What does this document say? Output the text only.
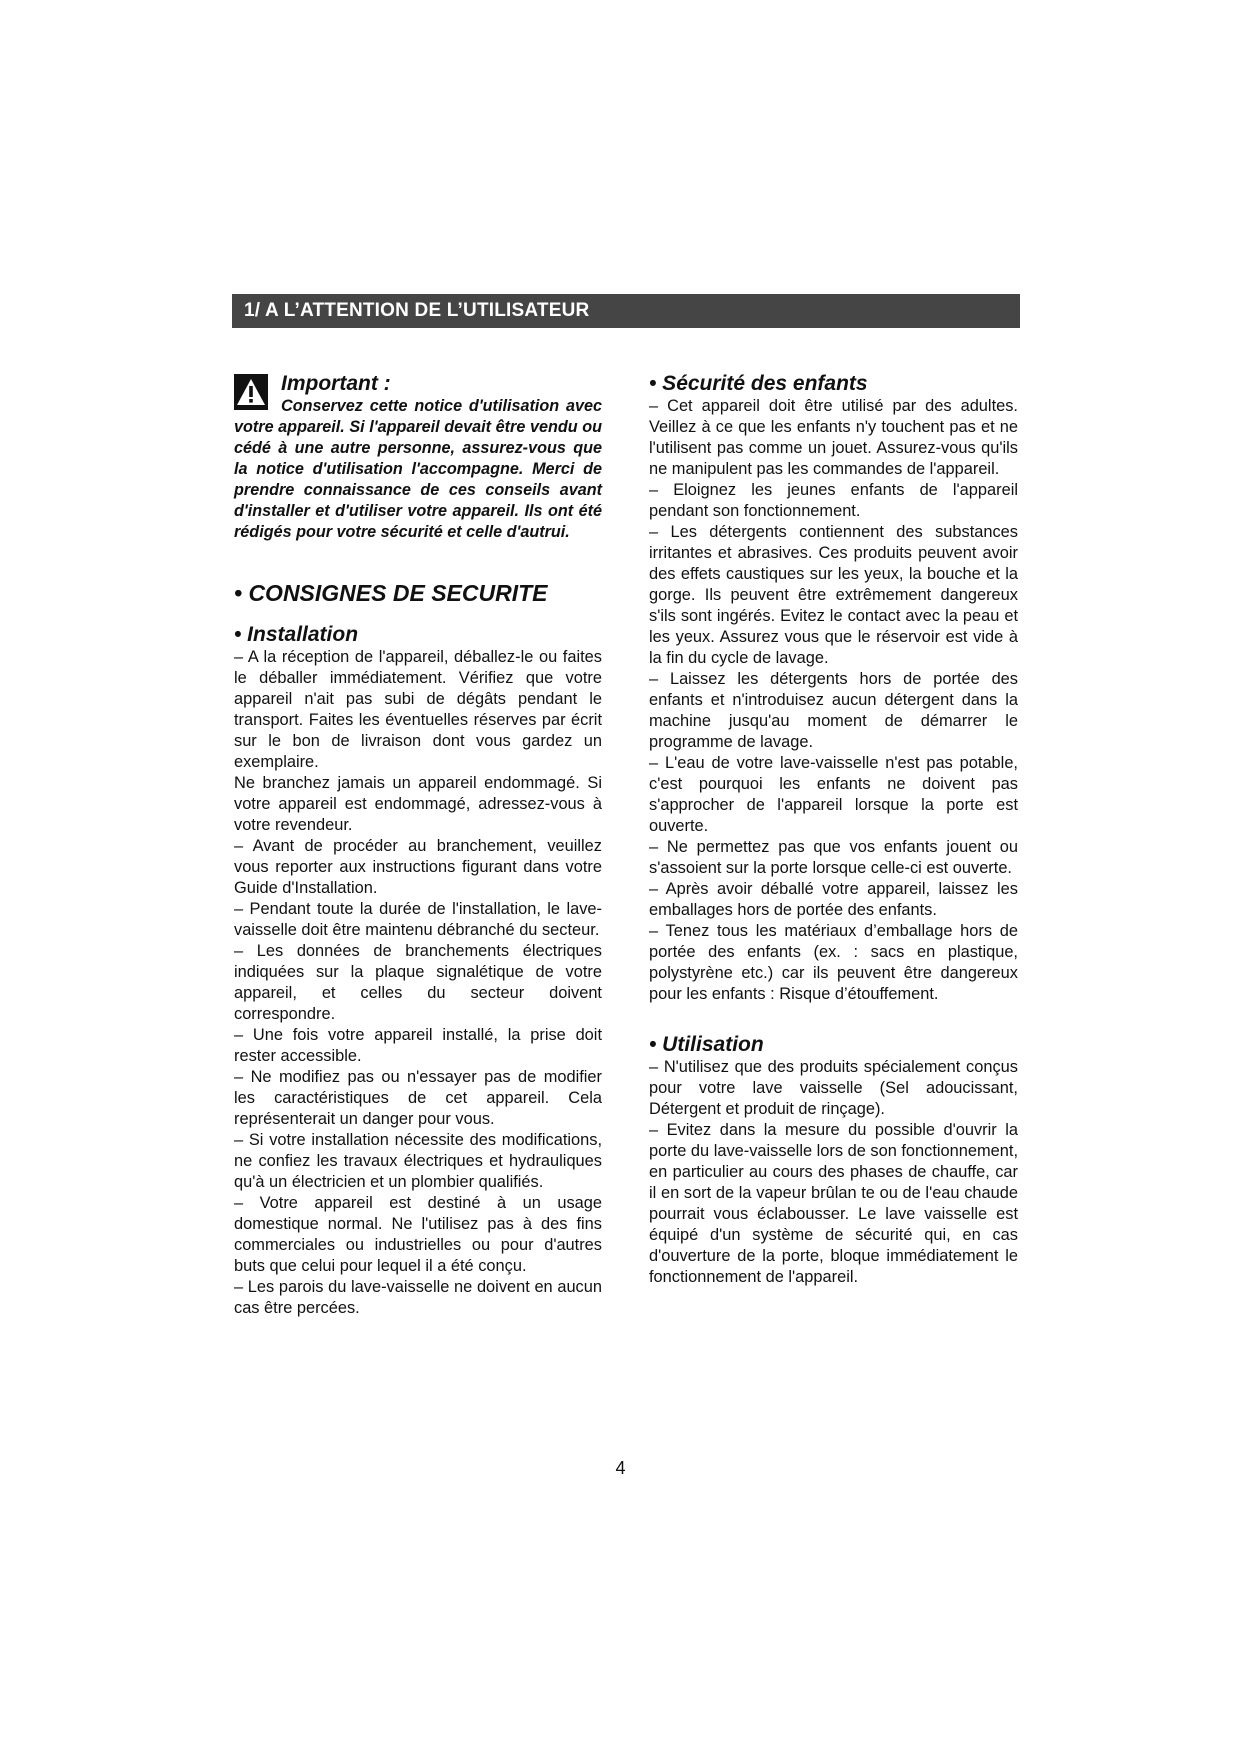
1/ A L’ATTENTION DE L’UTILISATEUR
Important :

Conservez cette notice d'utilisation avec votre appareil. Si l'appareil devait être vendu ou cédé à une autre personne, assurez-vous que la notice d'utilisation l'accompagne. Merci de prendre connaissance de ces conseils avant d'installer et d'utiliser votre appareil. Ils ont été rédigés pour votre sécurité et celle d'autrui.

• CONSIGNES DE SECURITE
• Installation

– A la réception de l'appareil, déballez-le ou faites le déballer immédiatement. Vérifiez que votre appareil n'ait pas subi de dégâts pendant le transport. Faites les éventuelles réserves par écrit sur le bon de livraison dont vous gardez un exemplaire.

Ne branchez jamais un appareil endommagé. Si votre appareil est endommagé, adressez-vous à votre revendeur.

– Avant de procéder au branchement, veuillez vous reporter aux instructions figurant dans votre Guide d'Installation.

– Pendant toute la durée de l'installation, le lave-vaisselle doit être maintenu débranché du secteur.

– Les données de branchements électriques indiquées sur la plaque signalétique de votre appareil, et celles du secteur doivent correspondre.

– Une fois votre appareil installé, la prise doit rester accessible.

– Ne modifiez pas ou n'essayer pas de modifier les caractéristiques de cet appareil. Cela représenterait un danger pour vous.

– Si votre installation nécessite des modifications, ne confiez les travaux électriques et hydrauliques qu'à un électricien et un plombier qualifiés.

– Votre appareil est destiné à un usage domestique normal. Ne l'utilisez pas à des fins commerciales ou industrielles ou pour d'autres buts que celui pour lequel il a été conçu.

– Les parois du lave-vaisselle ne doivent en aucun cas être percées.

• Sécurité des enfants

– Cet appareil doit être utilisé par des adultes. Veillez à ce que les enfants n'y touchent pas et ne l'utilisent pas comme un jouet. Assurez-vous qu'ils ne manipulent pas les commandes de l'appareil.

– Eloignez les jeunes enfants de l'appareil pendant son fonctionnement.

– Les détergents contiennent des substances irritantes et abrasives. Ces produits peuvent avoir des effets caustiques sur les yeux, la bouche et la gorge. Ils peuvent être extrêmement dangereux s'ils sont ingérés. Evitez le contact avec la peau et les yeux. Assurez vous que le réservoir est vide à la fin du cycle de lavage.

– Laissez les détergents hors de portée des enfants et n'introduisez aucun détergent dans la machine jusqu'au moment de démarrer le programme de lavage.

– L'eau de votre lave-vaisselle n'est pas potable, c'est pourquoi les enfants ne doivent pas s'approcher de l'appareil lorsque la porte est ouverte.

– Ne permettez pas que vos enfants jouent ou s'assoient sur la porte lorsque celle-ci est ouverte.

– Après avoir déballé votre appareil, laissez les emballages hors de portée des enfants.

– Tenez tous les matériaux d’emballage hors de portée des enfants (ex. : sacs en plastique, polystyrène etc.) car ils peuvent être dangereux pour les enfants : Risque d’étouffement.

• Utilisation

– N'utilisez que des produits spécialement conçus pour votre lave vaisselle (Sel adoucissant, Détergent et produit de rinçage).

– Evitez dans la mesure du possible d'ouvrir la porte du lave-vaisselle lors de son fonctionnement, en particulier au cours des phases de chauffe, car il en sort de la vapeur brûlan te ou de l'eau chaude pourrait vous éclabousser. Le lave vaisselle est équipé d'un système de sécurité qui, en cas d'ouverture de la porte, bloque immédiatement le fonctionnement de l'appareil.

4
